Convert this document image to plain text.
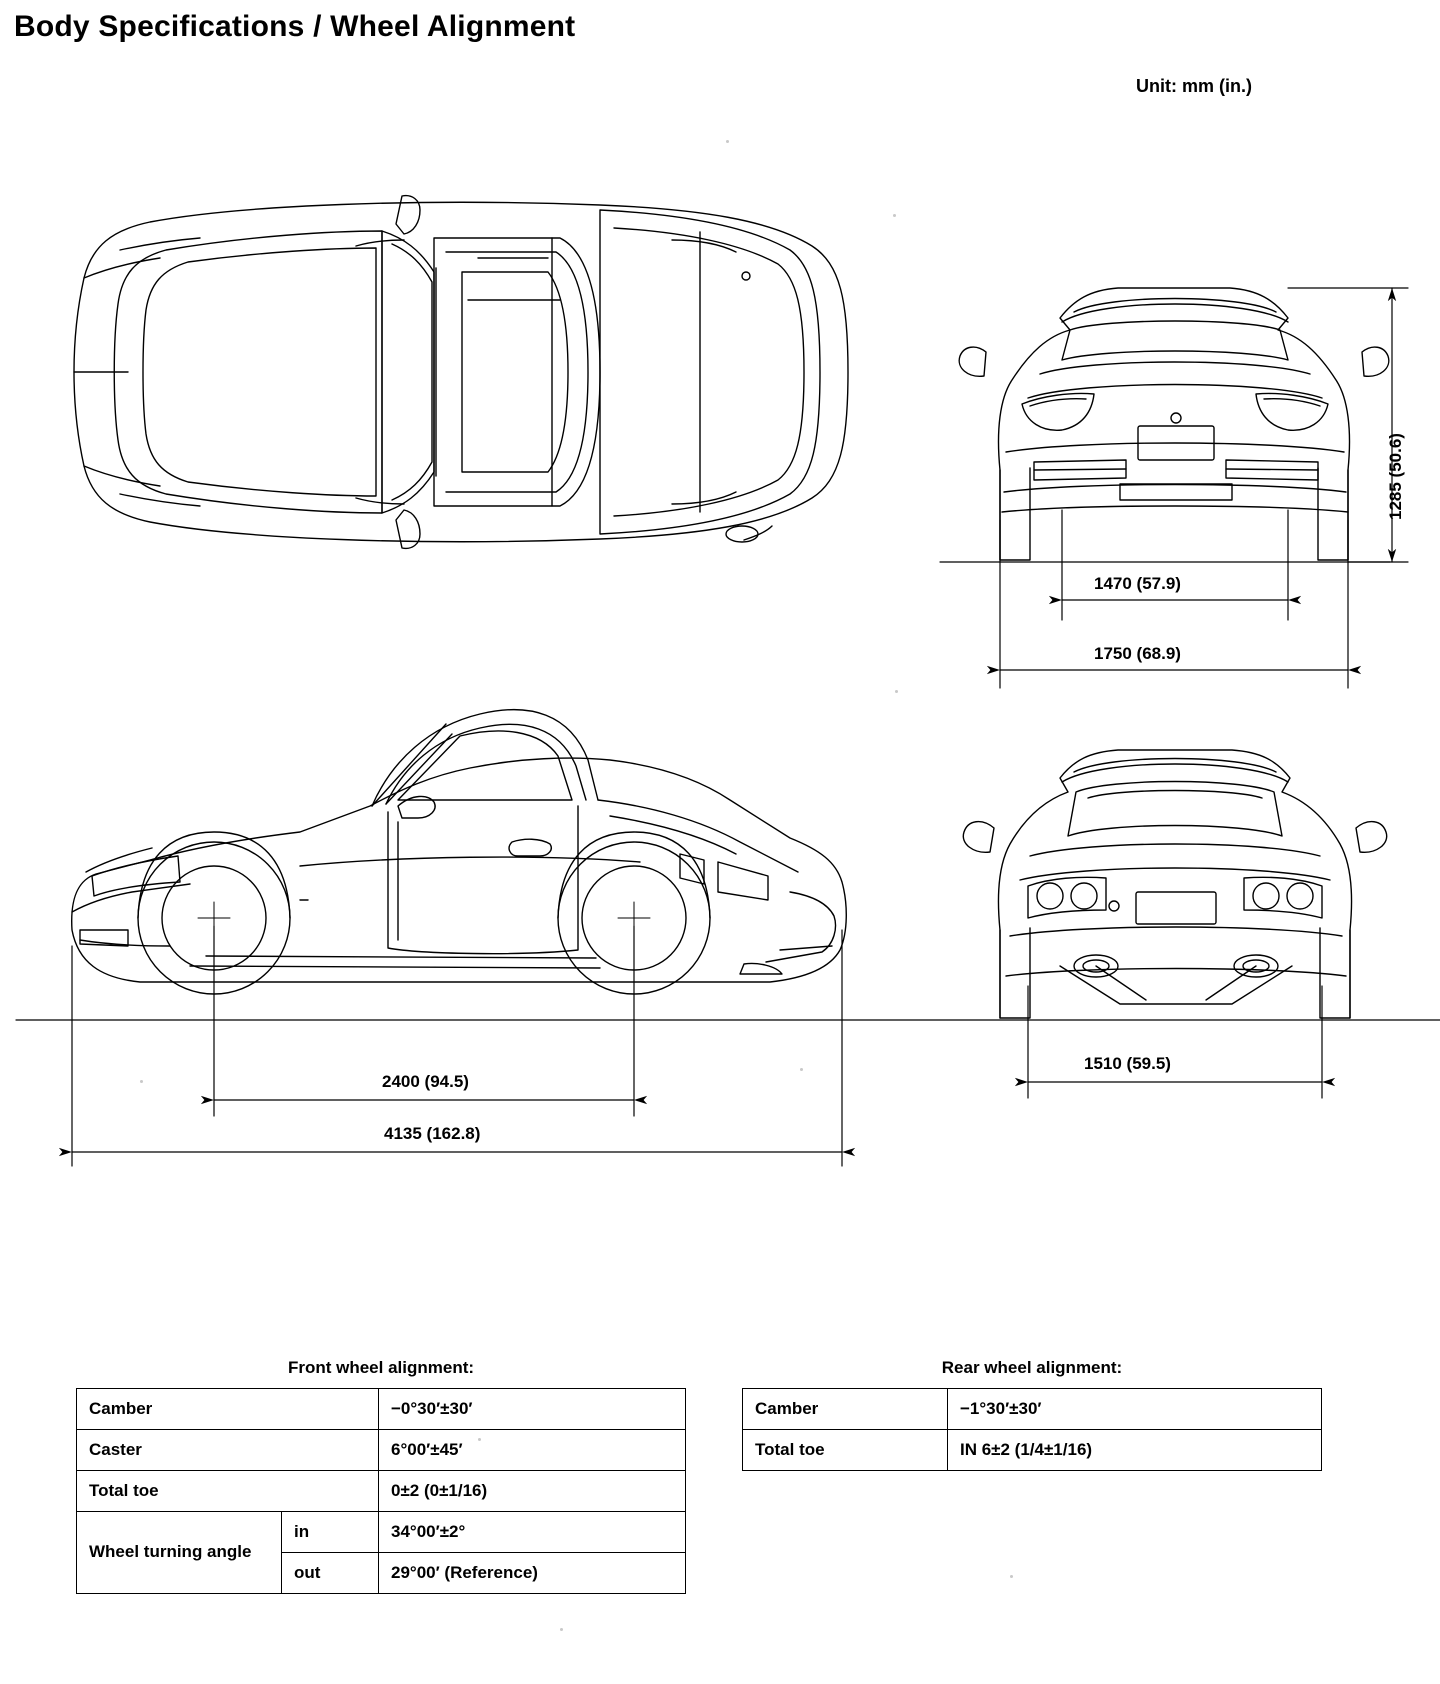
Body Specifications / Wheel Alignment
Unit: mm (in.)
1285 (50.6)
1470 (57.9)
1750 (68.9)
2400 (94.5)
4135 (162.8)
1510 (59.5)
Front wheel alignment:
Camber		−0°30′±30′
Caster		6°00′±45′
Total toe		0±2 (0±1/16)
Wheel turning angle	in	34°00′±2°
	out	29°00′ (Reference)
Rear wheel alignment:
Camber	−1°30′±30′
Total toe	IN 6±2 (1/4±1/16)
